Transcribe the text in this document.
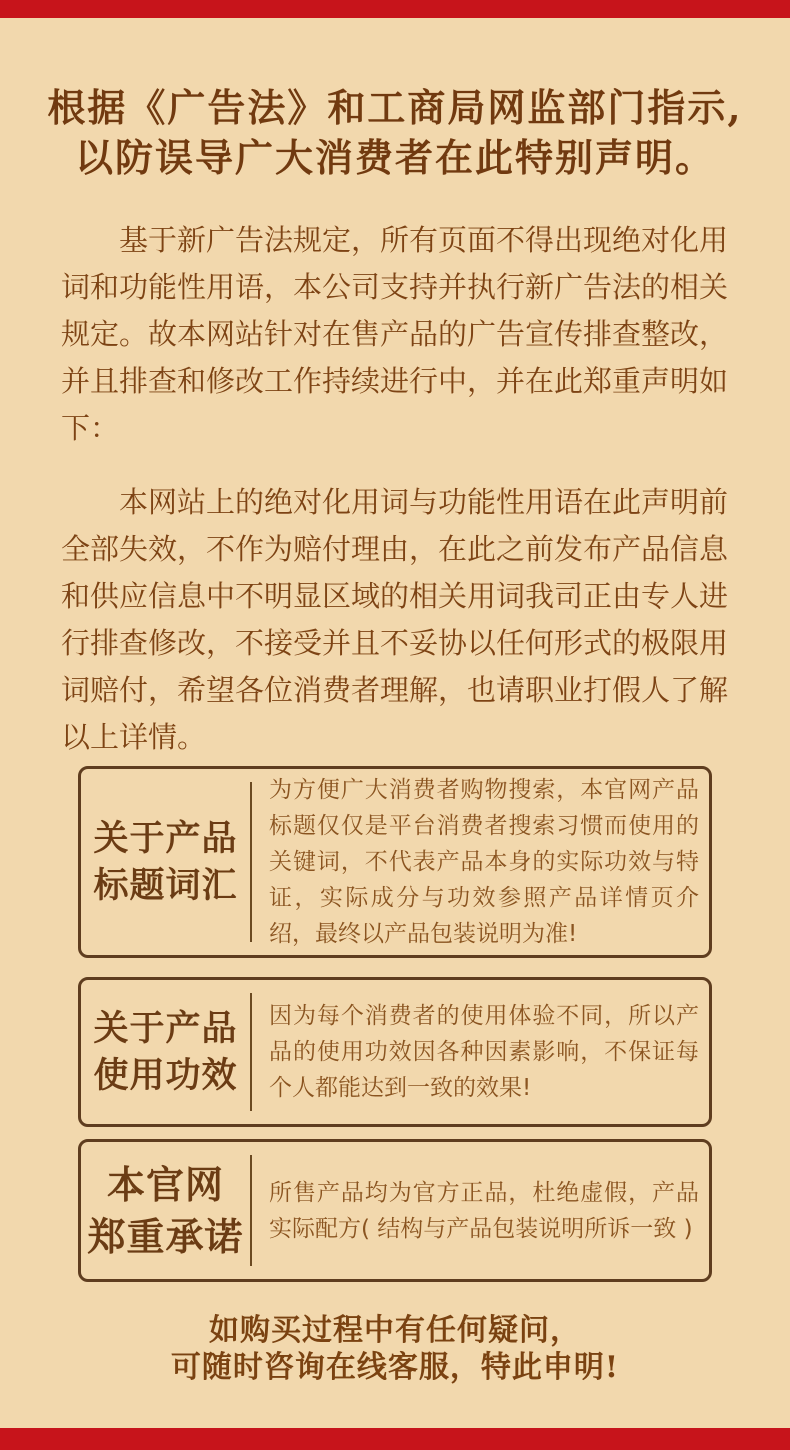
根据《广告法》和工商局网监部门指示,
以防误导广大消费者在此特别声明。

基于新广告法规定，所有页面不得出现绝对化用词和功能性用语，本公司支持并执行新广告法的相关规定。故本网站针对在售产品的广告宣传排查整改，并且排查和修改工作持续进行中，并在此郑重声明如下：

本网站上的绝对化用词与功能性用语在此声明前全部失效，不作为赔付理由，在此之前发布产品信息和供应信息中不明显区域的相关用词我司正由专人进行排查修改，不接受并且不妥协以任何形式的极限用词赔付，希望各位消费者理解，也请职业打假人了解以上详情。

关于产品
标题词汇
为方便广大消费者购物搜索，本官网产品标题仅仅是平台消费者搜索习惯而使用的关键词，不代表产品本身的实际功效与特证，实际成分与功效参照产品详情页介绍，最终以产品包装说明为准!
关于产品
使用功效
因为每个消费者的使用体验不同，所以产品的使用功效因各种因素影响，不保证每个人都能达到一致的效果!
本官网
郑重承诺
所售产品均为官方正品，杜绝虚假，产品实际配方( 结构与产品包装说明所诉一致 )
如购买过程中有任何疑问，
可随时咨询在线客服，特此申明!
